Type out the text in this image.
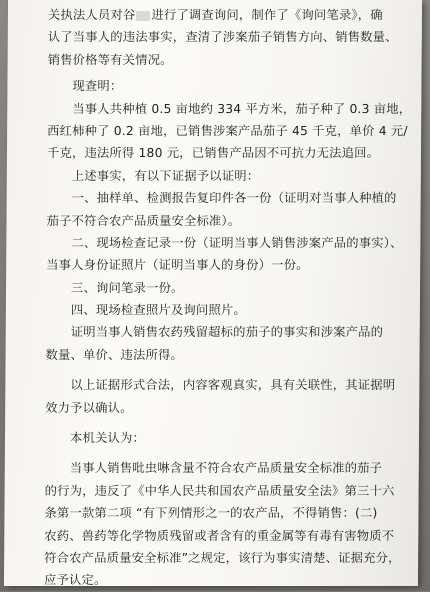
关执法人员对谷 进行了调查询问，制作了《询问笔录》，确
认了当事人的违法事实，查清了涉案茄子销售方向、销售数量、
销售价格等有关情况。
现查明：
当事人共种植 0.5 亩地约 334 平方米，茄子种了 0.3 亩地，
西红柿种了 0.2 亩地，已销售涉案产品茄子 45 千克，单价 4 元/
千克，违法所得 180 元，已销售产品因不可抗力无法追回。
上述事实，有以下证据予以证明：
一、抽样单、检测报告复印件各一份（证明对当事人种植的
茄子不符合农产品质量安全标准）。
二、现场检查记录一份（证明当事人销售涉案产品的事实）、
当事人身份证照片（证明当事人的身份）一份。
三、询问笔录一份。
四、现场检查照片及询问照片。
证明当事人销售农药残留超标的茄子的事实和涉案产品的
数量、单价、违法所得。
以上证据形式合法，内容客观真实，具有关联性，其证据明
效力予以确认。
本机关认为：
当事人销售吡虫啉含量不符合农产品质量安全标准的茄子
的行为，违反了《中华人民共和国农产品质量安全法》第三十六
条第一款第二项 “有下列情形之一的农产品，不得销售：(二)
农药、兽药等化学物质残留或者含有的重金属等有毒有害物质不
符合农产品质量安全标准”之规定，该行为事实清楚、证据充分，
应予认定。
